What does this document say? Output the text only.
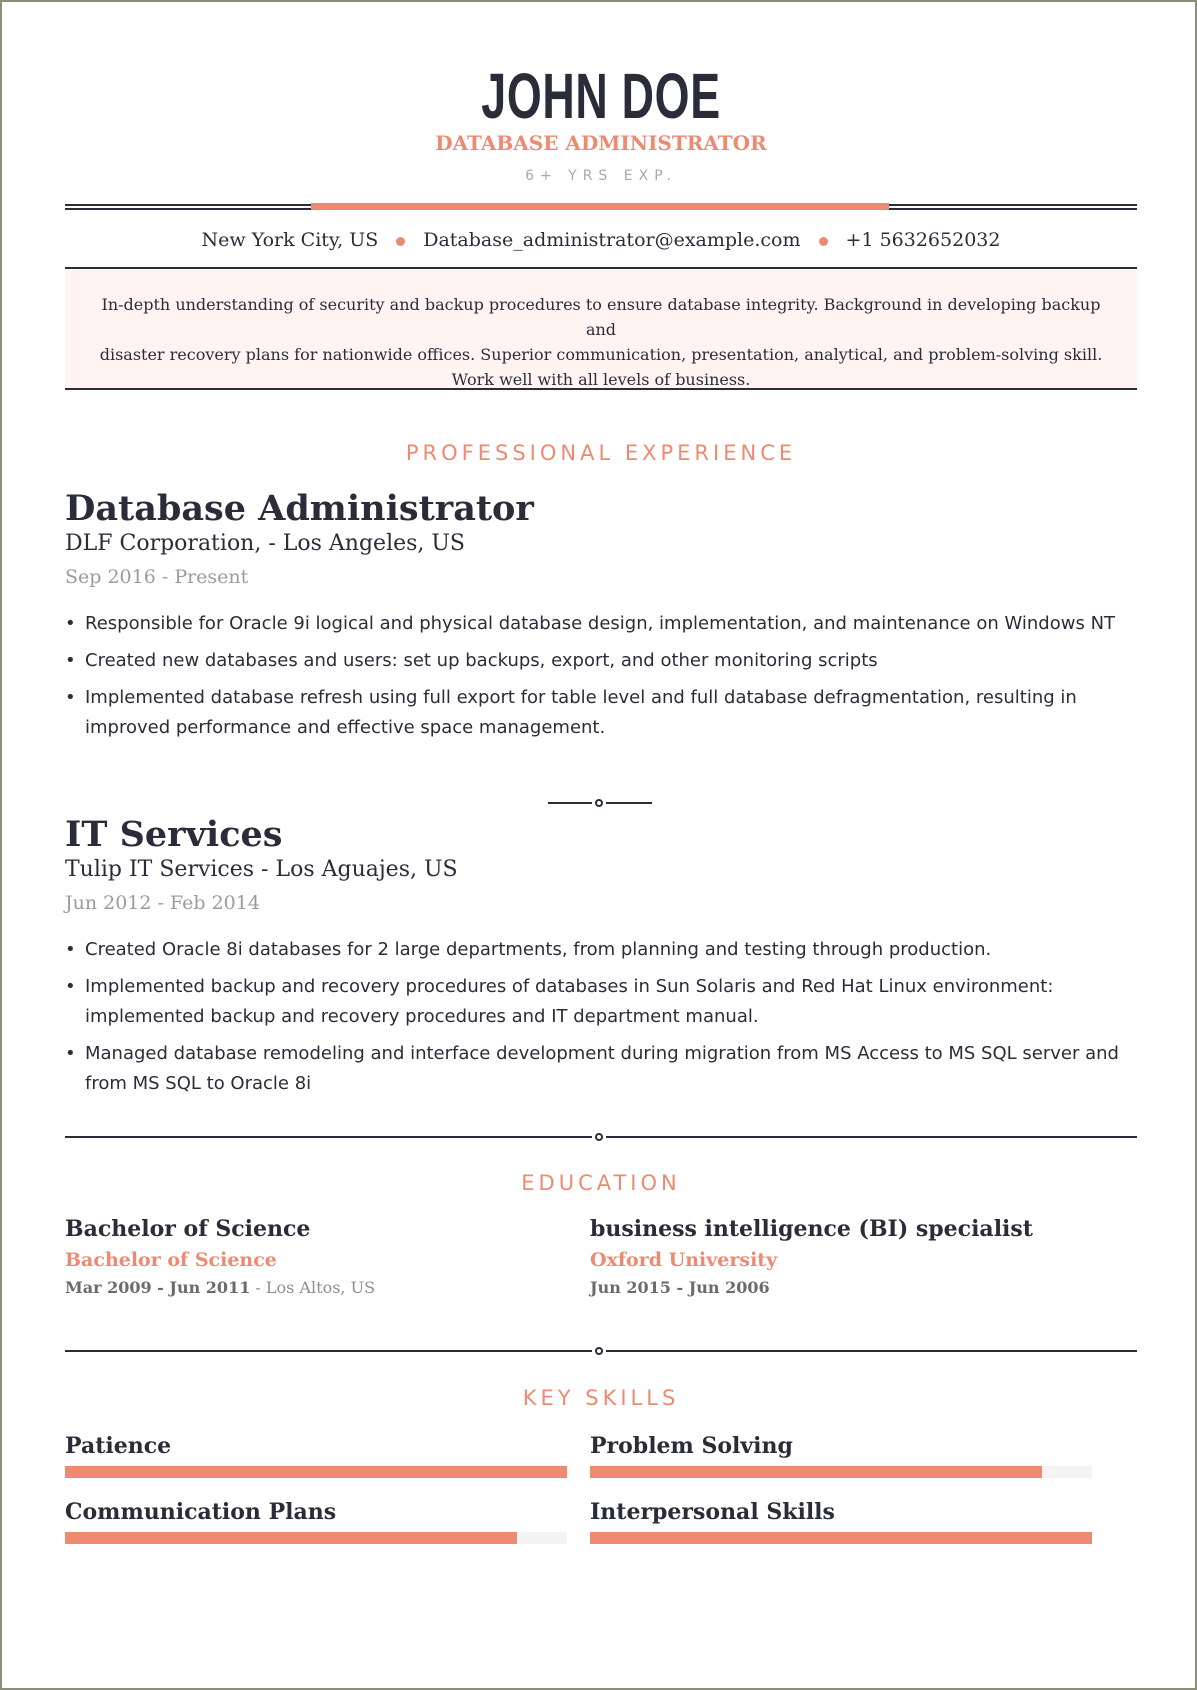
JOHN DOE
DATABASE ADMINISTRATOR
6+ YRS EXP.
New York City, US Database_administrator@example.com +1 5632652032
In-depth understanding of security and backup procedures to ensure database integrity. Background in developing backup and
disaster recovery plans for nationwide offices. Superior communication, presentation, analytical, and problem-solving skill.
Work well with all levels of business.
PROFESSIONAL EXPERIENCE
Database Administrator
DLF Corporation, - Los Angeles, US
Sep 2016 - Present
• Responsible for Oracle 9i logical and physical database design, implementation, and maintenance on Windows NT
• Created new databases and users: set up backups, export, and other monitoring scripts
• Implemented database refresh using full export for table level and full database defragmentation, resulting in improved performance and effective space management.
IT Services
Tulip IT Services - Los Aguajes, US
Jun 2012 - Feb 2014
• Created Oracle 8i databases for 2 large departments, from planning and testing through production.
• Implemented backup and recovery procedures of databases in Sun Solaris and Red Hat Linux environment: implemented backup and recovery procedures and IT department manual.
• Managed database remodeling and interface development during migration from MS Access to MS SQL server and from MS SQL to Oracle 8i
EDUCATION
Bachelor of Science
Bachelor of Science
Mar 2009 - Jun 2011 - Los Altos, US
business intelligence (BI) specialist
Oxford University
Jun 2015 - Jun 2006
KEY SKILLS
Patience	Problem Solving
Communication Plans	Interpersonal Skills
